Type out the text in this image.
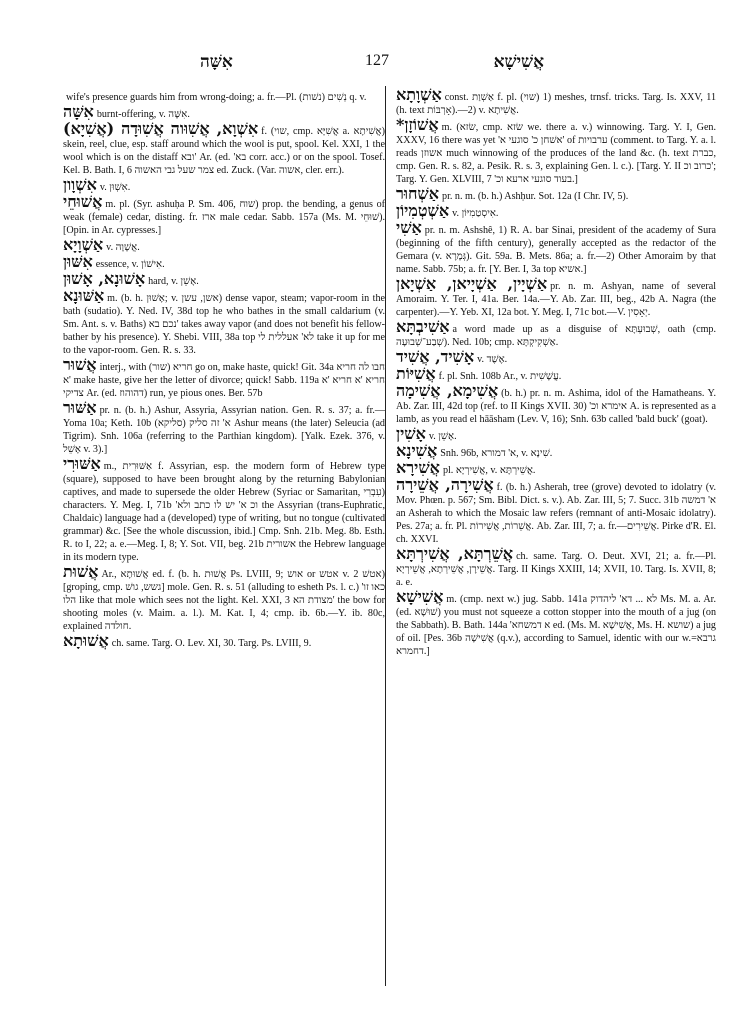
אִשָּׁה	127	אֲשִׁישָׁא

wife's presence guards him from wrong-doing; a. fr.—Pl. נְשִׁים (נשׁות) q. v.

אִשָּׁה burnt-offering, v. אִשֶּׁה.

אִשְׁוָא, אֲשִׁוּוה אֲשִׁוּדָה (אֲשִׁיָא) f. (שוי, cmp. אֲשִׁיָּא a. אֲשִׁיתָא) skein, reel, clue, esp. staff around which the wool is put, spool. Kel. XXI, 1 the wool which is on the distaff ובא' Ar. (ed. 'בא corr. acc.) or on the spool. Tosef. Kel. B. Bath. I, 6 צמר שעל גבי האשוה ed. Zuck. (Var. אשוה, cler. err.).

אִשְׁוָון v. אִשְׁוּן.

אֲשׁוּחֵי m. pl. (Syr. ashuḥa P. Sm. 406, שוח) prop. the bending, a genus of weak (female) cedar, disting. fr. ארז male cedar. Sabb. 157a (Ms. M. שׁוּחֵי). [Opin. in Ar. cypresses.]

אַשְׁוָיָא v. אֲשָׁוָה.

אִשּׁוּן essence, v. אִישׁוֹן.

אָשׁוּנָא, אָשׁוּן hard, v. אָשֵׁן.

אַשּׁוּנָא m. (b. h. אָשׁוּן; v. אשן, עשן) dense vapor, steam; vapor-room in the bath (sudatio). Y. Ned. IV, 38d top he who bathes in the small caldarium (v. Sm. Ant. s. v. Baths) נכם בא' takes away vapor (and does not benefit his fellow-bather by his presence). Y. Shebi. VIII, 38a top לא' אעללית לי take it up for me to the vapor-room. Gen. R. s. 33.

אֲשׁוּר interj., with חריא (שור) go on, make haste, quick! Git. 34a חבו לה חריא 'א make haste, give her the letter of divorce; quick! Sabb. 119a חריא 'א חריא 'א צדיקי Ar. (ed. דהוהוז) run, ye pious ones. Ber. 57b

אַשּׁוּר pr. n. (b. h.) Ashur, Assyria, Assyrian nation. Gen. R. s. 37; a. fr.—Yoma 10a; Keth. 10b א' זה סליק (סליקא) Ashur means (the later) Seleucia (ad Tigrim). Snh. 106a (referring to the Parthian kingdom). [Yalk. Ezek. 376, v. אָשֵׁל v. 3).]

אַשּׁוּרִי m., אַשּׁוּרִית f. Assyrian, esp. the modern form of Hebrew type (square), supposed to have been brought along by the returning Babylonian captives, and made to supersede the older Hebrew (Syriac or Samaritan, עִבְרִי) characters. Y. Meg. I, 71b 'וכ א' יש לו כתב ולא the Assyrian (trans-Euphratic, Chaldaic) language had a (developed) type of writing, but no tongue (cultivated grammar) &c. [See the whole discussion, ibid.] Cmp. Snh. 21b. Meg. 8b. Esth. R. to I, 22; a. e.—Meg. I, 8; Y. Sot. VII, beg. 21b אשורית the Hebrew language in its modern type.

אֲשׁוּת Ar., אֲשׁוּתָא ed. f. (b. h. אֲשׁוּת Ps. LVIII, 9; אוש or אטש v. אטשׁ 2) [groping, cmp. גשש, גושׁ] mole. Gen. R. s. 51 (alluding to esheth Ps. l. c.) 'כאו זו הלו like that mole which sees not the light. Kel. XXI, 3 מצודת הא' the bow for shooting moles (v. Maim. a. l.). M. Kat. I, 4; cmp. ib. 6b.—Y. ib. 80c, explained חולדה.

אֲשׁוּתָא ch. same. Targ. O. Lev. XI, 30. Targ. Ps. LVIII, 9.

אַשְׁוָתָא const. אַשְׁוַת f. pl. (שוי) 1) meshes, trnsf. tricks. Targ. Is. XXV, 11 (h. text אָרְבּוֹת).—2) v. אֲשִׁיתָא.

*אֲשׁוֹזָן m. (שׂזא, cmp. שׂזא we. there a. v.) winnowing. Targ. Y. I, Gen. XXXV, 16 there was yet 'אשׁחן כ' סוגעי א' of ערבויות (comment. to Targ. Y. a. l. reads אשוזן much winnowing of the produces of the land &c. (h. text כברת, cmp. Gen. R. s. 82, a. Pesik. R. s. 3, explaining Gen. l. c.). [Targ. Y. II כרוב וכ'; Targ. Y. Gen. XLVIII, 7 'בעוד סוגעי ארעא וכ.]

אַשְׁחוּר pr. n. m. (b. h.) Ashḥur. Sot. 12a (I Chr. IV, 5).

אַשְׁטְמִיוֹן v. אִיסְטַמִיּוֹן.

אַשִׁי pr. n. m. Ashshê, 1) R. A. bar Sinai, president of the academy of Sura (beginning of the fifth century), generally accepted as the redactor of the Gemara (v. גְּמָרָא). Git. 59a. B. Mets. 86a; a. fr.—2) Other Amoraim by that name. Sabb. 75b; a. fr. [Y. Ber. I, 3a top אשיא.]

אַשְׁיָין, אַשְׁיָיאן, אַשְׁיָאן pr. n. m. Ashyan, name of several Amoraim. Y. Ter. I, 41a. Ber. 14a.—Y. Ab. Zar. III, beg., 42b A. Nagra (the carpenter).—Y. Yeb. XI, 12a bot. Y. Meg. I, 71c bot.—V. יְאָסִין.

אַשִׁיבְתָּא a word made up as a disguise of שְׁבוּעְתָּא, oath (cmp. שְׁבַע־שְׁבוּעָה). Ned. 10b; cmp. אַשְׁקִיקְתָּא.

אָשִׁיד, אֲשִׁיד v. אֶשֶׁד.

אֲשִׁיּוֹת f. pl. Snh. 108b Ar., v. עֲשָׁשִׁית.

אֲשִׁימָא, אֲשִׁימָה (b. h.) pr. n. m. Ashima, idol of the Hamatheans. Y. Ab. Zar. III, 42d top (ref. to II Kings XVII. 30) 'אימרא וכ A. is represented as a lamb, as you read el hāāsham (Lev. V, 16); Snh. 63b called 'bald buck' (goat).

אָשִׁין v. אָשֵׁן.

אֲשִׁינָא Snh. 96b, א' דמורא, v. שִׁינָא.

אֲשִׁירָא pl. אֲשִׁירְיָא, v. אֲשֵׁירְתָּא.

אֲשִׁירָה, אֲשֵׁירָה f. (b. h.) Asherah, tree (grove) devoted to idolatry (v. Mov. Phœn. p. 567; Sm. Bibl. Dict. s. v.). Ab. Zar. III, 5; 7. Succ. 31b א' דמשה an Asherah to which the Mosaic law refers (remnant of anti-Mosaic idolatry). Pes. 27a; a. fr. Pl. אֲשֵׁרוֹת, אֲשֵׁירוֹת. Ab. Zar. III, 7; a. fr.—אֲשֵׁירִים. Pirke d'R. El. ch. XXVI.

אֲשֵׁרְתָּא, אֲשִׁירְתָּא ch. same. Targ. O. Deut. XVI, 21; a. fr.—Pl. אֲשֵׁירָן, אֲשֵׁירְתָא, אֲשֵׁירְיָא. Targ. II Kings XXIII, 14; XVII, 10. Targ. Is. XVII, 8; a. e.

אֲשִׁישָׁא m. (cmp. next w.) jug. Sabb. 141a לא ... דא' ליהדוק Ms. M. a. Ar. (ed. שׁוּשָׁא) you must not squeeze a cotton stopper into the mouth of a jug (on the Sabbath). B. Bath. 144a 'א דמשחא ed. (Ms. M. אֲשִׁישָׁא, Ms. H. שושא) a jug of oil. [Pes. 36b אֲשִׁישָׁה (q.v.), according to Samuel, identic with our w.=גרבא דחמרא.]
